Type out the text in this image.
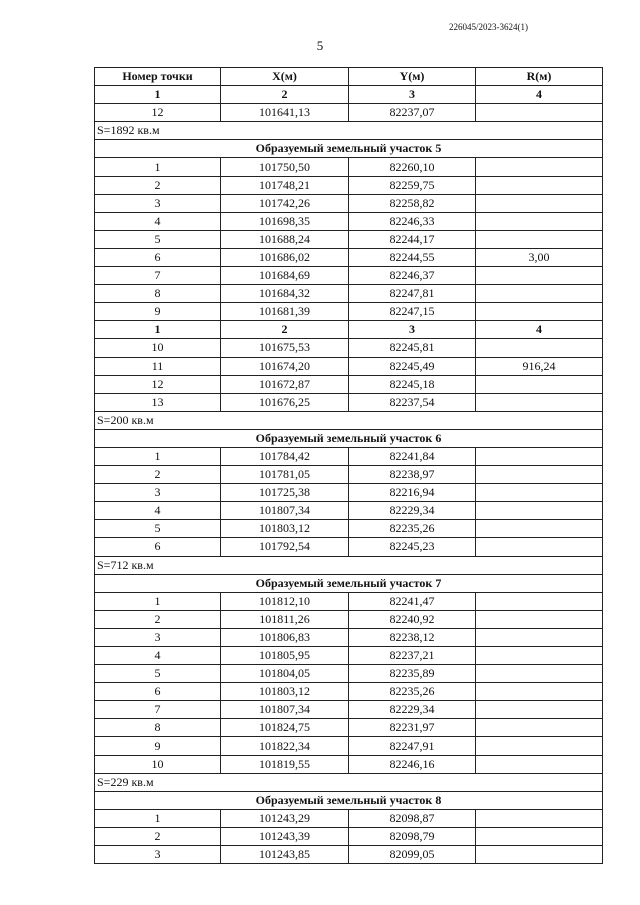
226045/2023-3624(1)
5
Номер точки	X(м)	Y(м)	R(м)
1	2	3	4
12	101641,13	82237,07	
S=1892 кв.м			
Образуемый земельный участок 5			
1	101750,50	82260,10	
2	101748,21	82259,75	
3	101742,26	82258,82	
4	101698,35	82246,33	
5	101688,24	82244,17	
6	101686,02	82244,55	3,00
7	101684,69	82246,37	
8	101684,32	82247,81	
9	101681,39	82247,15	
1	2	3	4
10	101675,53	82245,81	
11	101674,20	82245,49	916,24
12	101672,87	82245,18	
13	101676,25	82237,54	
S=200 кв.м			
Образуемый земельный участок 6			
1	101784,42	82241,84	
2	101781,05	82238,97	
3	101725,38	82216,94	
4	101807,34	82229,34	
5	101803,12	82235,26	
6	101792,54	82245,23	
S=712 кв.м			
Образуемый земельный участок 7			
1	101812,10	82241,47	
2	101811,26	82240,92	
3	101806,83	82238,12	
4	101805,95	82237,21	
5	101804,05	82235,89	
6	101803,12	82235,26	
7	101807,34	82229,34	
8	101824,75	82231,97	
9	101822,34	82247,91	
10	101819,55	82246,16	
S=229 кв.м			
Образуемый земельный участок 8			
1	101243,29	82098,87	
2	101243,39	82098,79	
3	101243,85	82099,05	
